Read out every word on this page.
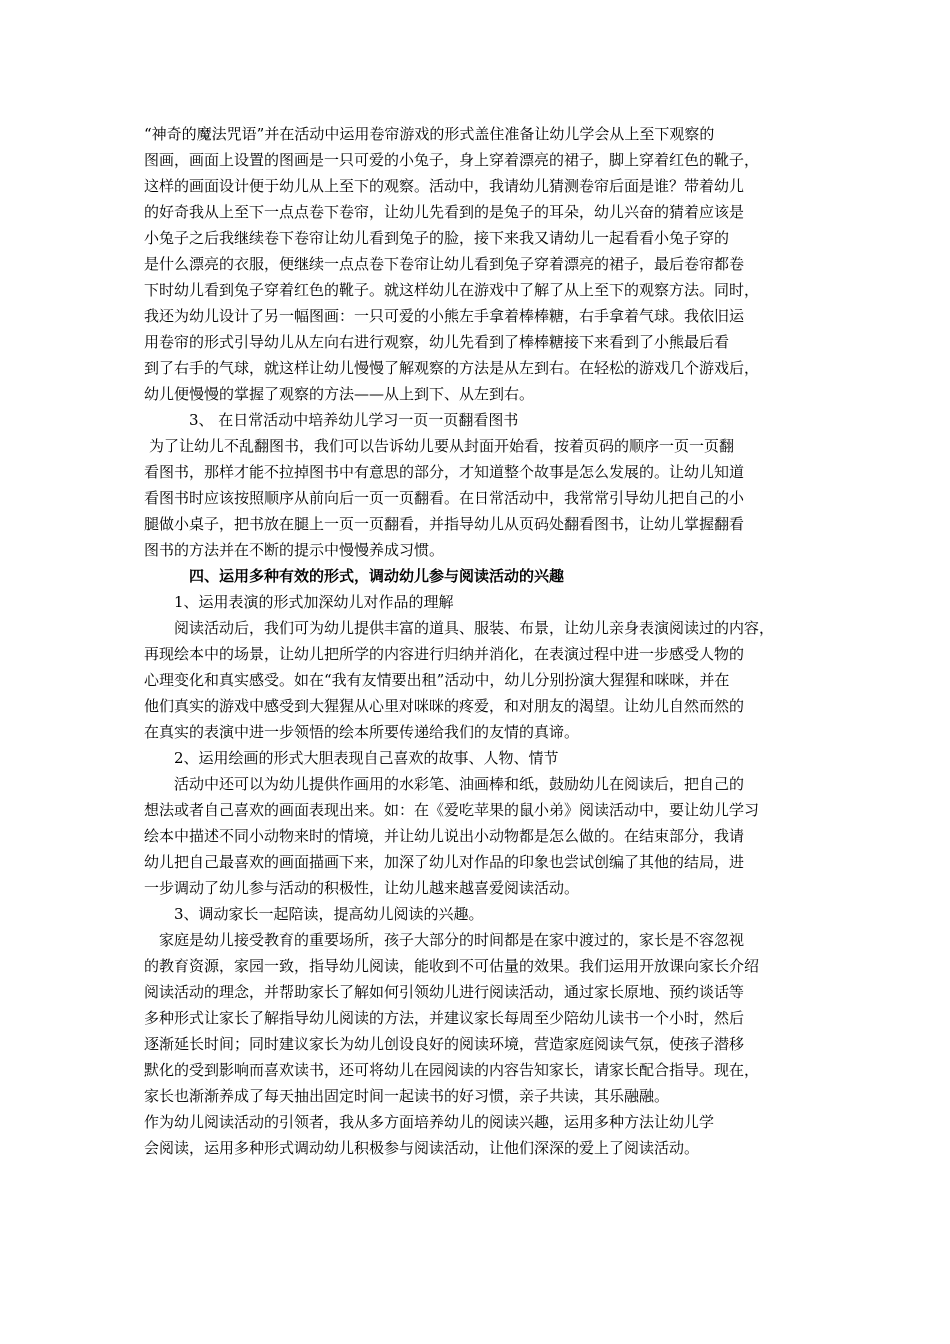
“神奇的魔法咒语”并在活动中运用卷帘游戏的形式盖住准备让幼儿学会从上至下观察的
图画，画面上设置的图画是一只可爱的小兔子，身上穿着漂亮的裙子，脚上穿着红色的靴子，
这样的画面设计便于幼儿从上至下的观察。活动中，我请幼儿猜测卷帘后面是谁？带着幼儿
的好奇我从上至下一点点卷下卷帘，让幼儿先看到的是兔子的耳朵，幼儿兴奋的猜着应该是
小兔子之后我继续卷下卷帘让幼儿看到兔子的脸，接下来我又请幼儿一起看看小兔子穿的
是什么漂亮的衣服，便继续一点点卷下卷帘让幼儿看到兔子穿着漂亮的裙子，最后卷帘都卷
下时幼儿看到兔子穿着红色的靴子。就这样幼儿在游戏中了解了从上至下的观察方法。同时，
我还为幼儿设计了另一幅图画：一只可爱的小熊左手拿着棒棒糖，右手拿着气球。我依旧运
用卷帘的形式引导幼儿从左向右进行观察，幼儿先看到了棒棒糖接下来看到了小熊最后看
到了右手的气球，就这样让幼儿慢慢了解观察的方法是从左到右。在轻松的游戏几个游戏后，
幼儿便慢慢的掌握了观察的方法——从上到下、从左到右。
3、 在日常活动中培养幼儿学习一页一页翻看图书
为了让幼儿不乱翻图书，我们可以告诉幼儿要从封面开始看，按着页码的顺序一页一页翻
看图书，那样才能不拉掉图书中有意思的部分，才知道整个故事是怎么发展的。让幼儿知道
看图书时应该按照顺序从前向后一页一页翻看。在日常活动中，我常常引导幼儿把自己的小
腿做小桌子，把书放在腿上一页一页翻看，并指导幼儿从页码处翻看图书，让幼儿掌握翻看
图书的方法并在不断的提示中慢慢养成习惯。
四、运用多种有效的形式，调动幼儿参与阅读活动的兴趣
1、运用表演的形式加深幼儿对作品的理解
阅读活动后，我们可为幼儿提供丰富的道具、服装、布景，让幼儿亲身表演阅读过的内容，
再现绘本中的场景，让幼儿把所学的内容进行归纳并消化，在表演过程中进一步感受人物的
心理变化和真实感受。如在“我有友情要出租”活动中，幼儿分别扮演大猩猩和咪咪，并在
他们真实的游戏中感受到大猩猩从心里对咪咪的疼爱，和对朋友的渴望。让幼儿自然而然的
在真实的表演中进一步领悟的绘本所要传递给我们的友情的真谛。
2、运用绘画的形式大胆表现自己喜欢的故事、人物、情节
活动中还可以为幼儿提供作画用的水彩笔、油画棒和纸，鼓励幼儿在阅读后，把自己的
想法或者自己喜欢的画面表现出来。如：在《爱吃苹果的鼠小弟》阅读活动中，要让幼儿学习
绘本中描述不同小动物来时的情境，并让幼儿说出小动物都是怎么做的。在结束部分，我请
幼儿把自己最喜欢的画面描画下来，加深了幼儿对作品的印象也尝试创编了其他的结局，进
一步调动了幼儿参与活动的积极性，让幼儿越来越喜爱阅读活动。
3、调动家长一起陪读，提高幼儿阅读的兴趣。
家庭是幼儿接受教育的重要场所，孩子大部分的时间都是在家中渡过的，家长是不容忽视
的教育资源，家园一致，指导幼儿阅读，能收到不可估量的效果。我们运用开放课向家长介绍
阅读活动的理念，并帮助家长了解如何引领幼儿进行阅读活动，通过家长原地、预约谈话等
多种形式让家长了解指导幼儿阅读的方法，并建议家长每周至少陪幼儿读书一个小时，然后
逐渐延长时间；同时建议家长为幼儿创设良好的阅读环境，营造家庭阅读气氛，使孩子潜移
默化的受到影响而喜欢读书，还可将幼儿在园阅读的内容告知家长，请家长配合指导。现在，
家长也渐渐养成了每天抽出固定时间一起读书的好习惯，亲子共读，其乐融融。
作为幼儿阅读活动的引领者，我从多方面培养幼儿的阅读兴趣，运用多种方法让幼儿学
会阅读，运用多种形式调动幼儿积极参与阅读活动，让他们深深的爱上了阅读活动。
